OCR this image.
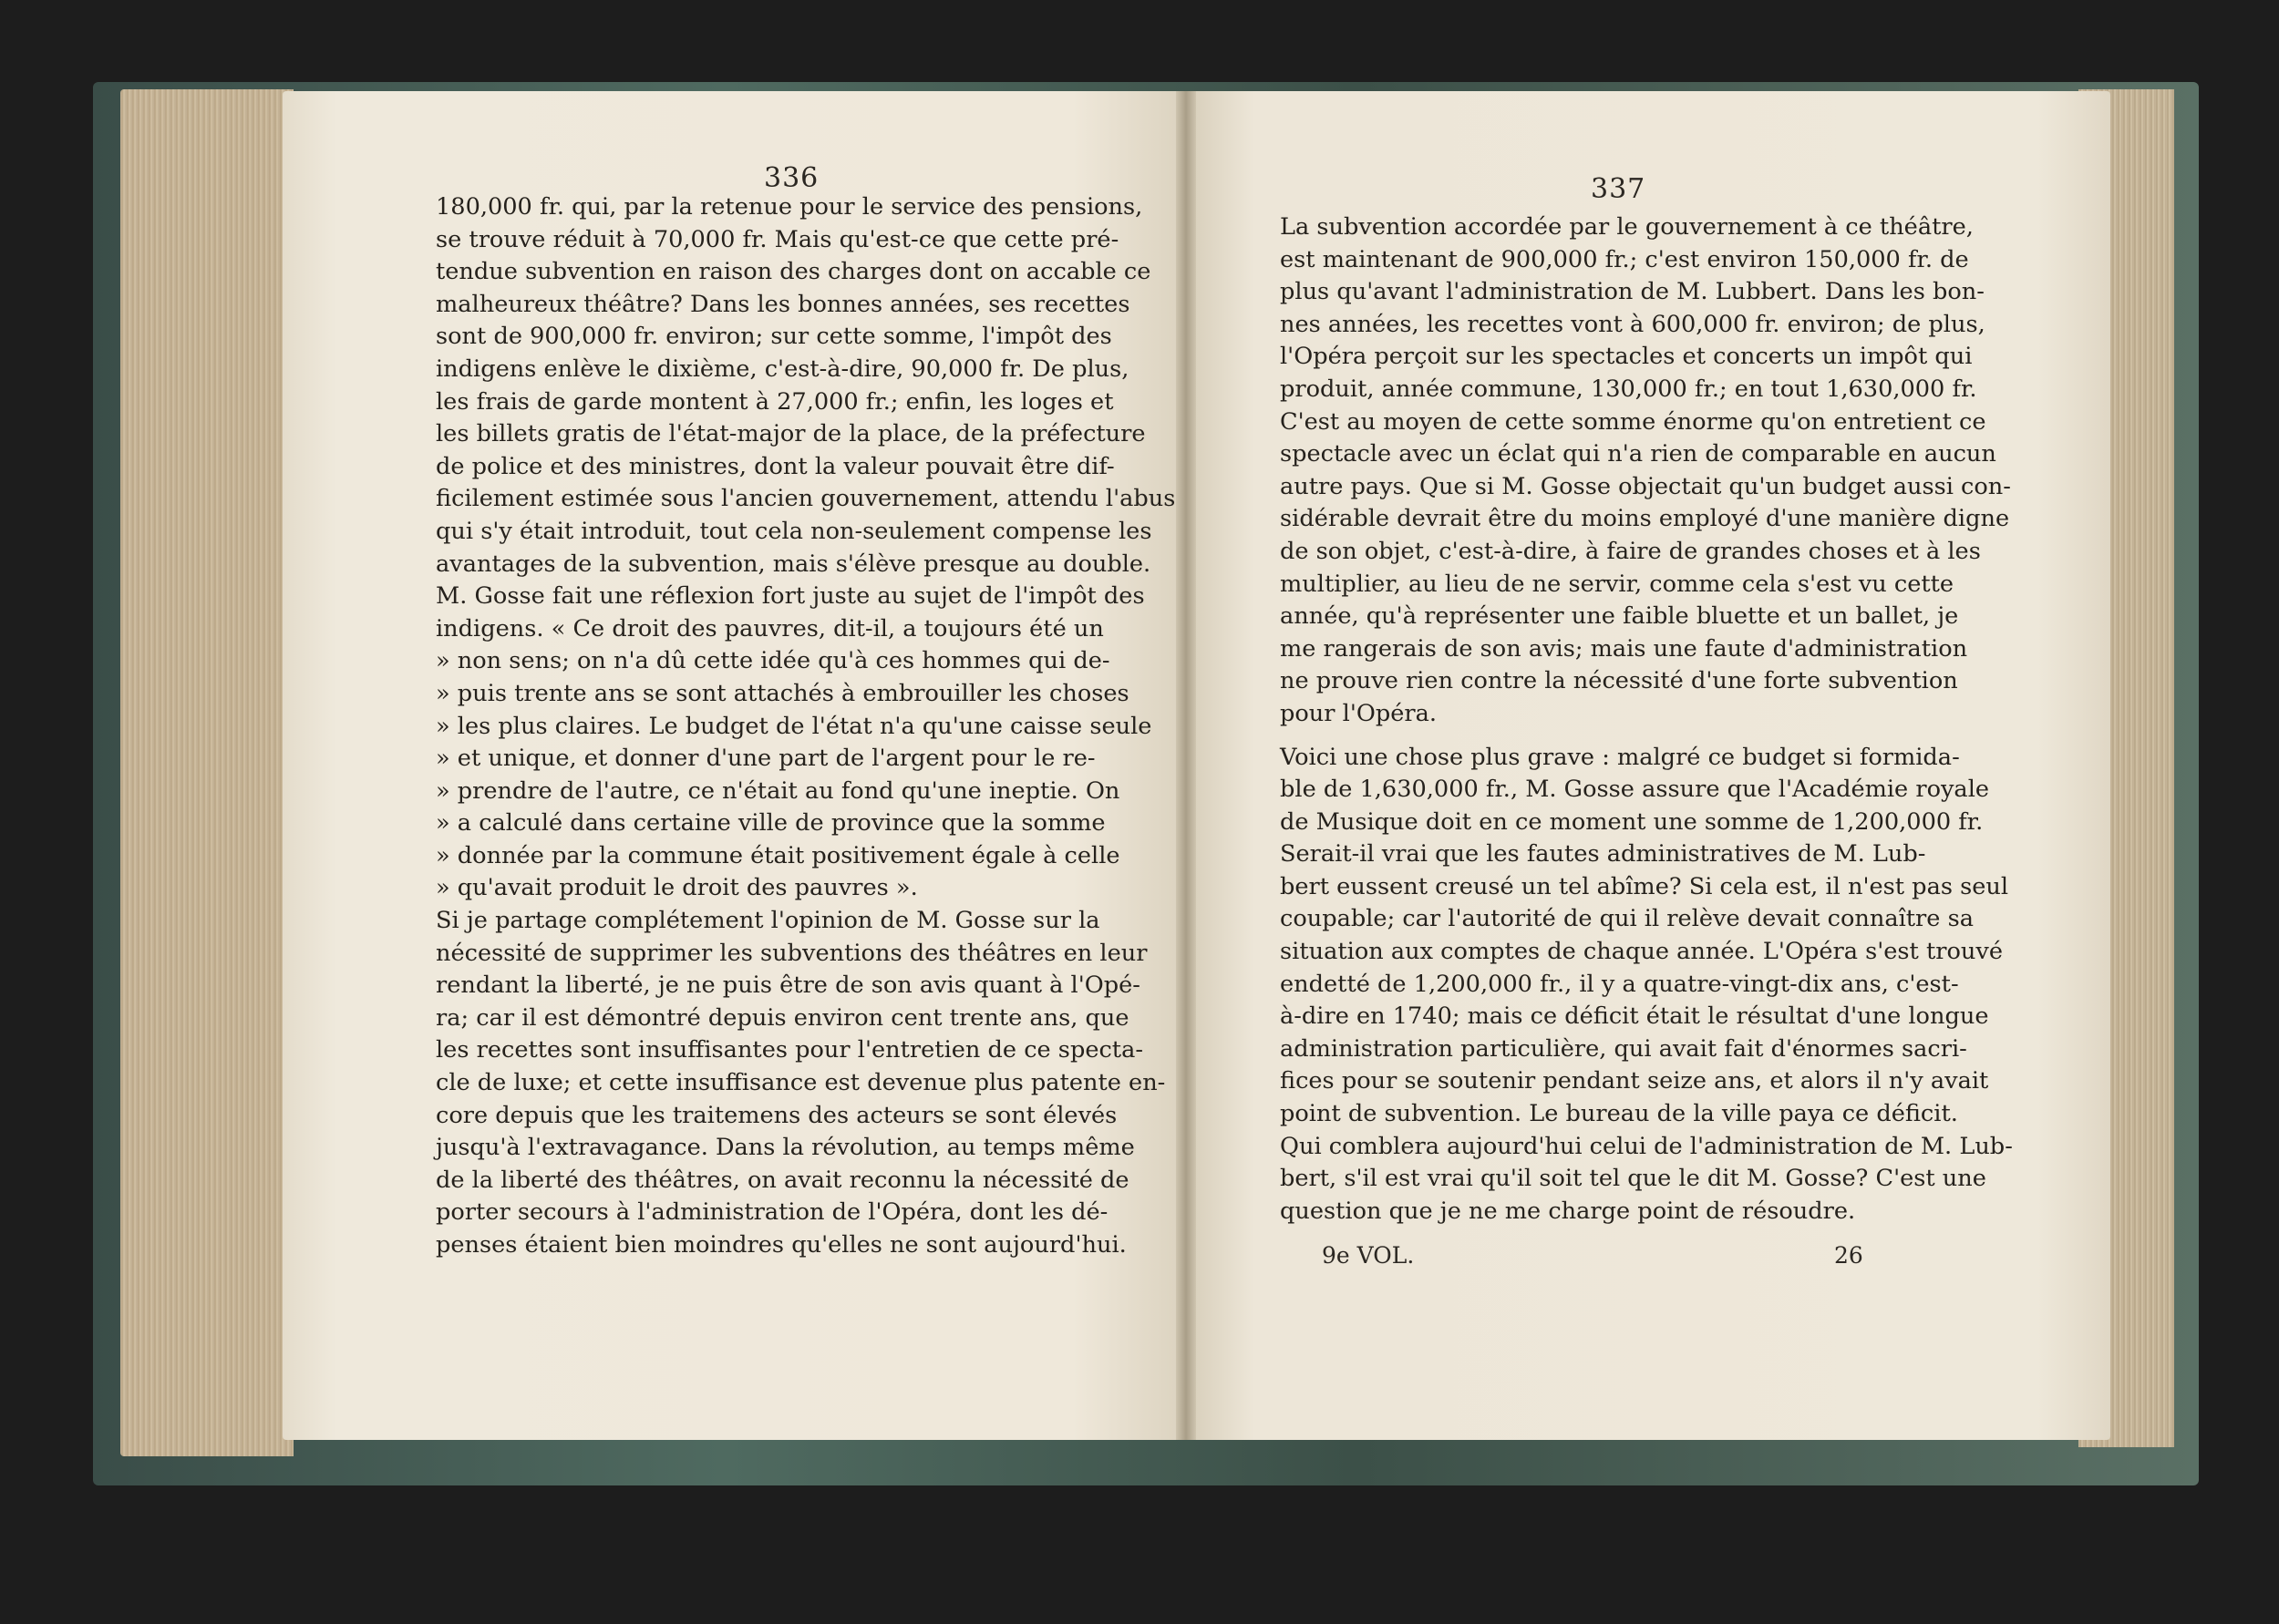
336
180,000 fr. qui, par la retenue pour le service des pensions,
se trouve réduit à 70,000 fr. Mais qu'est-ce que cette pré-
tendue subvention en raison des charges dont on accable ce
malheureux théâtre? Dans les bonnes années, ses recettes
sont de 900,000 fr. environ; sur cette somme, l'impôt des
indigens enlève le dixième, c'est-à-dire, 90,000 fr. De plus,
les frais de garde montent à 27,000 fr.; enfin, les loges et
les billets gratis de l'état-major de la place, de la préfecture
de police et des ministres, dont la valeur pouvait être dif-
ficilement estimée sous l'ancien gouvernement, attendu l'abus
qui s'y était introduit, tout cela non-seulement compense les
avantages de la subvention, mais s'élève presque au double.
M. Gosse fait une réflexion fort juste au sujet de l'impôt des
indigens. « Ce droit des pauvres, dit-il, a toujours été un
» non sens; on n'a dû cette idée qu'à ces hommes qui de-
» puis trente ans se sont attachés à embrouiller les choses
» les plus claires. Le budget de l'état n'a qu'une caisse seule
» et unique, et donner d'une part de l'argent pour le re-
» prendre de l'autre, ce n'était au fond qu'une ineptie. On
» a calculé dans certaine ville de province que la somme
» donnée par la commune était positivement égale à celle
» qu'avait produit le droit des pauvres ».
Si je partage complétement l'opinion de M. Gosse sur la
nécessité de supprimer les subventions des théâtres en leur
rendant la liberté, je ne puis être de son avis quant à l'Opé-
ra; car il est démontré depuis environ cent trente ans, que
les recettes sont insuffisantes pour l'entretien de ce specta-
cle de luxe; et cette insuffisance est devenue plus patente en-
core depuis que les traitemens des acteurs se sont élevés
jusqu'à l'extravagance. Dans la révolution, au temps même
de la liberté des théâtres, on avait reconnu la nécessité de
porter secours à l'administration de l'Opéra, dont les dé-
penses étaient bien moindres qu'elles ne sont aujourd'hui.
337
La subvention accordée par le gouvernement à ce théâtre,
est maintenant de 900,000 fr.; c'est environ 150,000 fr. de
plus qu'avant l'administration de M. Lubbert. Dans les bon-
nes années, les recettes vont à 600,000 fr. environ; de plus,
l'Opéra perçoit sur les spectacles et concerts un impôt qui
produit, année commune, 130,000 fr.; en tout 1,630,000 fr.
C'est au moyen de cette somme énorme qu'on entretient ce
spectacle avec un éclat qui n'a rien de comparable en aucun
autre pays. Que si M. Gosse objectait qu'un budget aussi con-
sidérable devrait être du moins employé d'une manière digne
de son objet, c'est-à-dire, à faire de grandes choses et à les
multiplier, au lieu de ne servir, comme cela s'est vu cette
année, qu'à représenter une faible bluette et un ballet, je
me rangerais de son avis; mais une faute d'administration
ne prouve rien contre la nécessité d'une forte subvention
pour l'Opéra.
Voici une chose plus grave : malgré ce budget si formida-
ble de 1,630,000 fr., M. Gosse assure que l'Académie royale
de Musique doit en ce moment une somme de 1,200,000 fr.
Serait-il vrai que les fautes administratives de M. Lub-
bert eussent creusé un tel abîme? Si cela est, il n'est pas seul
coupable; car l'autorité de qui il relève devait connaître sa
situation aux comptes de chaque année. L'Opéra s'est trouvé
endetté de 1,200,000 fr., il y a quatre-vingt-dix ans, c'est-
à-dire en 1740; mais ce déficit était le résultat d'une longue
administration particulière, qui avait fait d'énormes sacri-
fices pour se soutenir pendant seize ans, et alors il n'y avait
point de subvention. Le bureau de la ville paya ce déficit.
Qui comblera aujourd'hui celui de l'administration de M. Lub-
bert, s'il est vrai qu'il soit tel que le dit M. Gosse? C'est une
question que je ne me charge point de résoudre.
9e VOL.	26
